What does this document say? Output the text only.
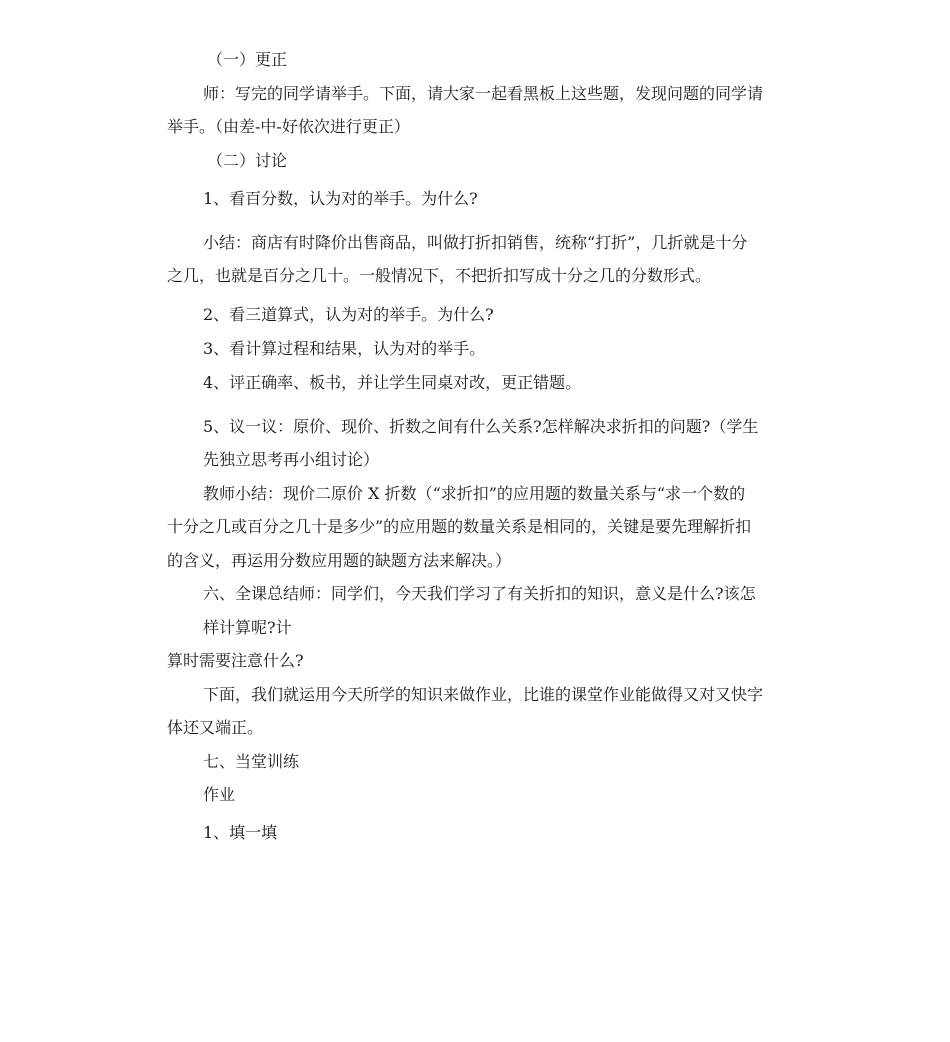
（一）更正
师：写完的同学请举手。下面，请大家一起看黑板上这些题，发现问题的同学请
举手。（由差-中-好依次进行更正）
（二）讨论
1、看百分数，认为对的举手。为什么?
小结：商店有时降价出售商品，叫做打折扣销售，统称“打折”，几折就是十分
之几，也就是百分之几十。一般情况下，不把折扣写成十分之几的分数形式。
2、看三道算式，认为对的举手。为什么?
3、看计算过程和结果，认为对的举手。
4、评正确率、板书，并让学生同桌对改，更正错题。
5、议一议：原价、现价、折数之间有什么关系?怎样解决求折扣的问题?（学生
先独立思考再小组讨论）
教师小结：现价二原价 X 折数（“求折扣”的应用题的数量关系与“求一个数的
十分之几或百分之几十是多少”的应用题的数量关系是相同的，关键是要先理解折扣
的含义，再运用分数应用题的缺题方法来解决。）
六、全课总结师：同学们，今天我们学习了有关折扣的知识，意义是什么?该怎
样计算呢?计
算时需要注意什么?
下面，我们就运用今天所学的知识来做作业，比谁的课堂作业能做得又对又快字
体还又端正。
七、当堂训练
作业
1、填一填
